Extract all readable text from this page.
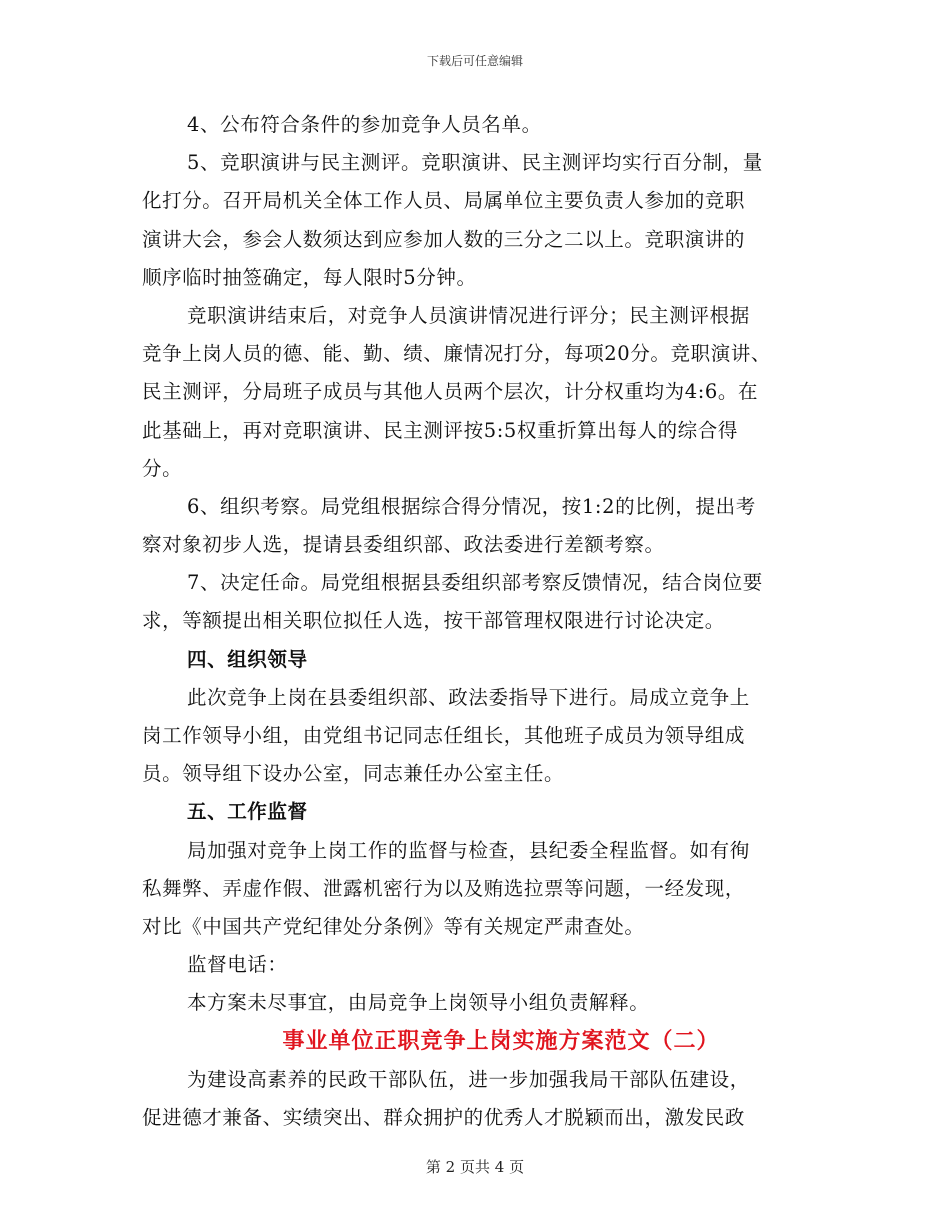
下载后可任意编辑
4、公布符合条件的参加竞争人员名单。
5、竞职演讲与民主测评。竞职演讲、民主测评均实行百分制，量
化打分。召开局机关全体工作人员、局属单位主要负责人参加的竞职
演讲大会，参会人数须达到应参加人数的三分之二以上。竞职演讲的
顺序临时抽签确定，每人限时5分钟。
竞职演讲结束后，对竞争人员演讲情况进行评分；民主测评根据
竞争上岗人员的德、能、勤、绩、廉情况打分，每项20分。竞职演讲、
民主测评，分局班子成员与其他人员两个层次，计分权重均为4:6。在
此基础上，再对竞职演讲、民主测评按5:5权重折算出每人的综合得
分。
6、组织考察。局党组根据综合得分情况，按1:2的比例，提出考
察对象初步人选，提请县委组织部、政法委进行差额考察。
7、决定任命。局党组根据县委组织部考察反馈情况，结合岗位要
求，等额提出相关职位拟任人选，按干部管理权限进行讨论决定。
四、组织领导
此次竞争上岗在县委组织部、政法委指导下进行。局成立竞争上
岗工作领导小组，由党组书记同志任组长，其他班子成员为领导组成
员。领导组下设办公室，同志兼任办公室主任。
五、工作监督
局加强对竞争上岗工作的监督与检查，县纪委全程监督。如有徇
私舞弊、弄虚作假、泄露机密行为以及贿选拉票等问题，一经发现，
对比《中国共产党纪律处分条例》等有关规定严肃查处。
监督电话：
本方案未尽事宜，由局竞争上岗领导小组负责解释。
事业单位正职竞争上岗实施方案范文（二）
为建设高素养的民政干部队伍，进一步加强我局干部队伍建设，
促进德才兼备、实绩突出、群众拥护的优秀人才脱颖而出，激发民政
第 2 页共 4 页
